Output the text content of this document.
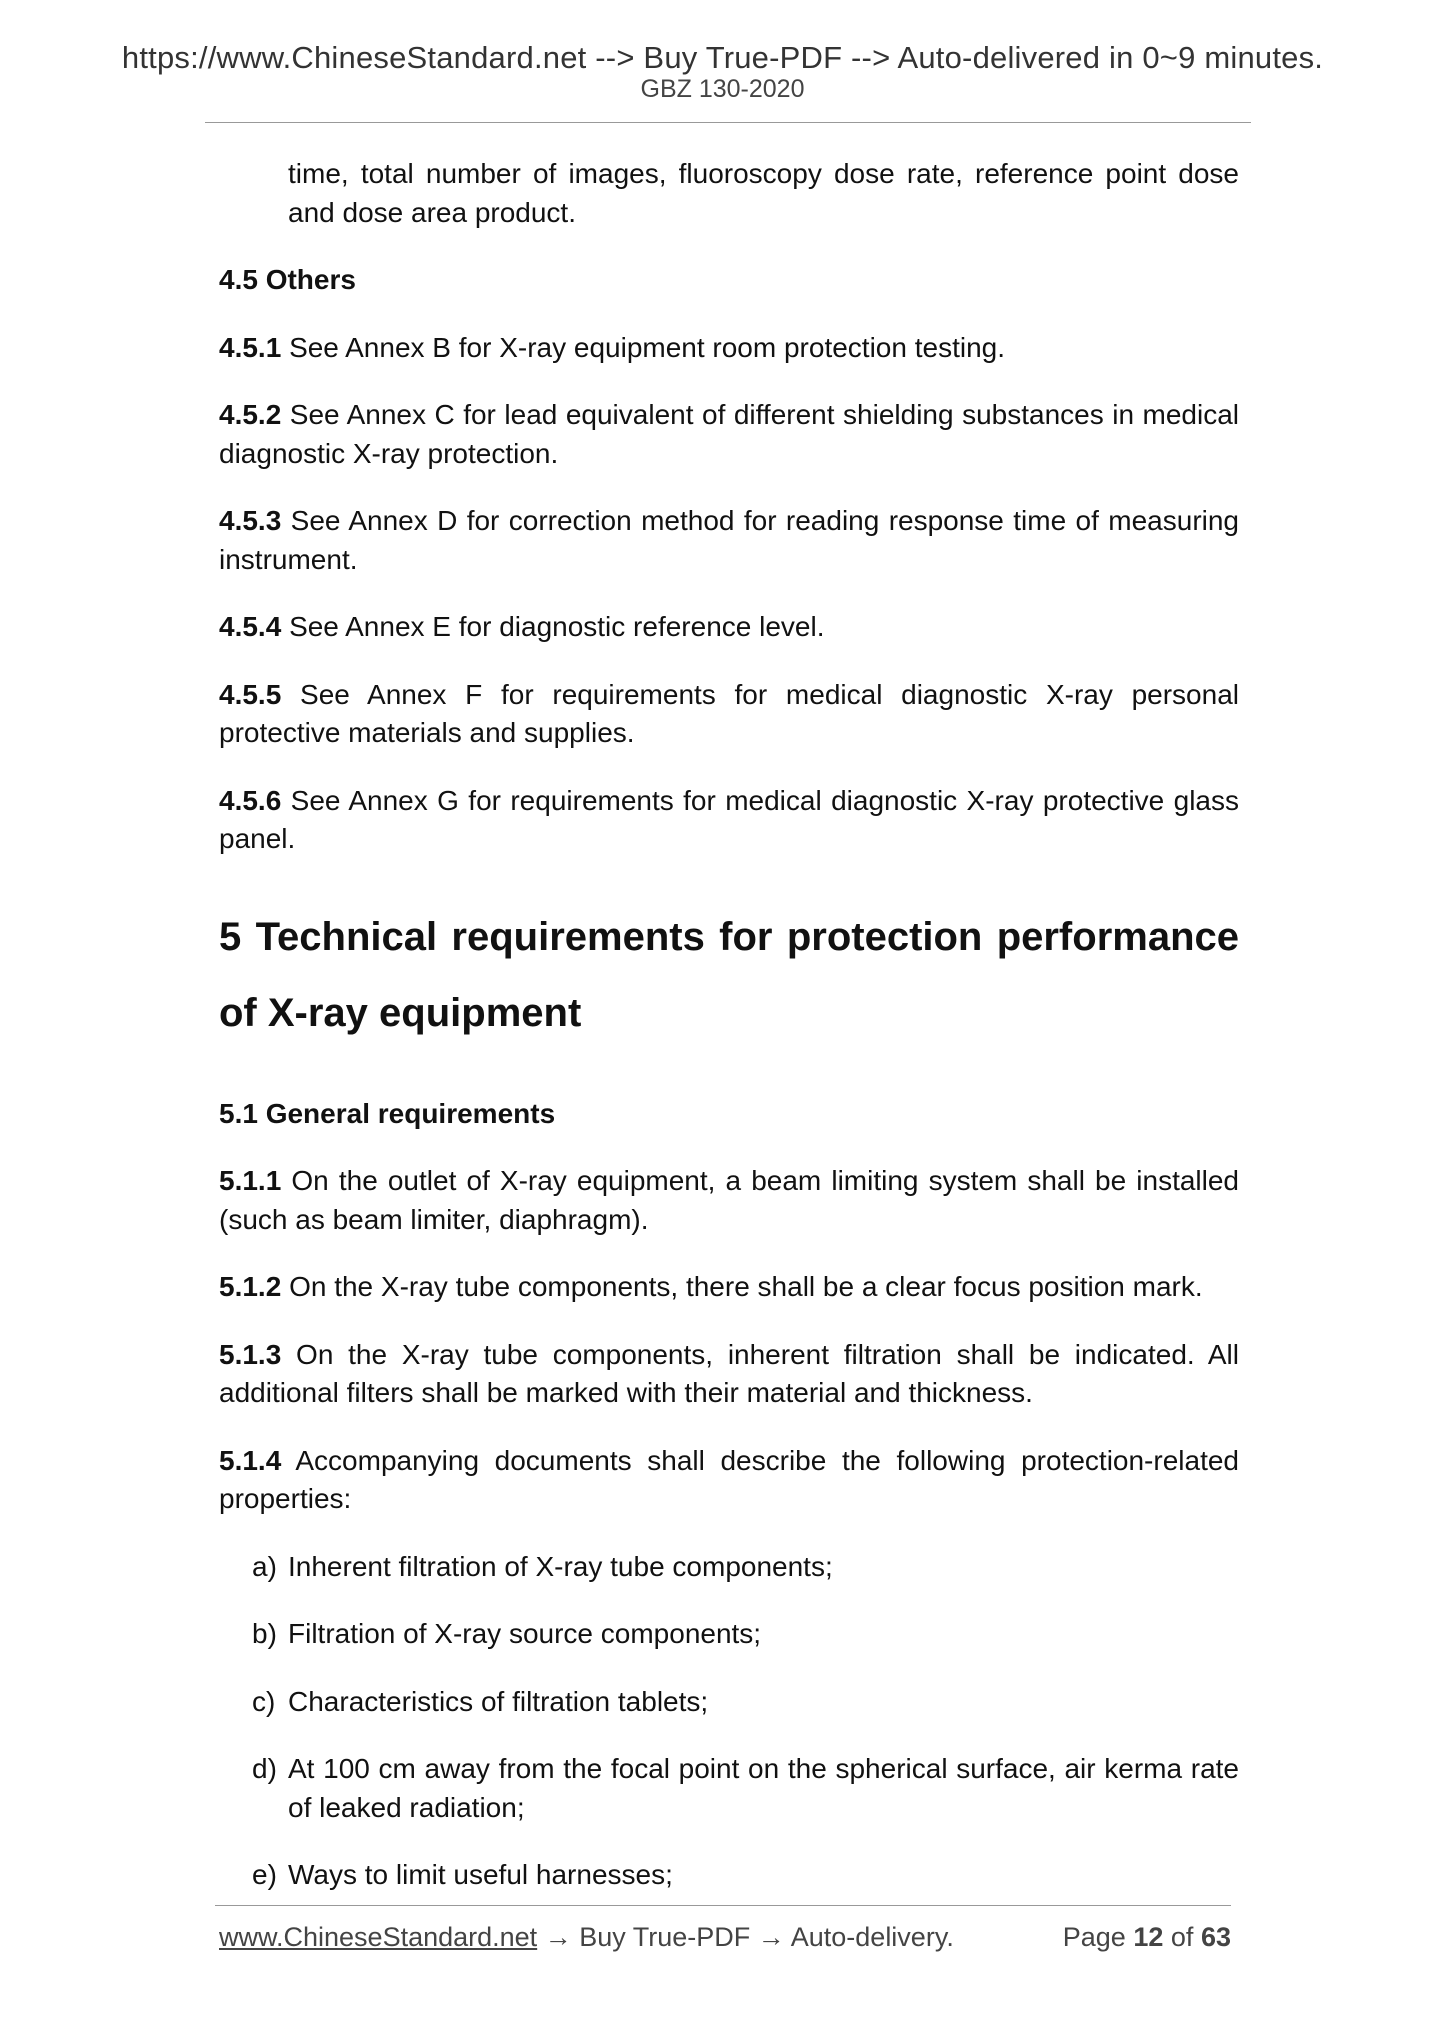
https://www.ChineseStandard.net --> Buy True-PDF --> Auto-delivered in 0~9 minutes.
GBZ 130-2020

time, total number of images, fluoroscopy dose rate, reference point dose and dose area product.

4.5 Others

4.5.1 See Annex B for X-ray equipment room protection testing.

4.5.2 See Annex C for lead equivalent of different shielding substances in medical diagnostic X-ray protection.

4.5.3 See Annex D for correction method for reading response time of measuring instrument.

4.5.4 See Annex E for diagnostic reference level.

4.5.5 See Annex F for requirements for medical diagnostic X-ray personal protective materials and supplies.

4.5.6 See Annex G for requirements for medical diagnostic X-ray protective glass panel.

5 Technical requirements for protection performance of X-ray equipment

5.1 General requirements

5.1.1 On the outlet of X-ray equipment, a beam limiting system shall be installed (such as beam limiter, diaphragm).

5.1.2 On the X-ray tube components, there shall be a clear focus position mark.

5.1.3 On the X-ray tube components, inherent filtration shall be indicated. All additional filters shall be marked with their material and thickness.

5.1.4 Accompanying documents shall describe the following protection-related properties:

a) Inherent filtration of X-ray tube components;
b) Filtration of X-ray source components;
c) Characteristics of filtration tablets;
d) At 100 cm away from the focal point on the spherical surface, air kerma rate of leaked radiation;
e) Ways to limit useful harnesses;
www.ChineseStandard.net → Buy True-PDF → Auto-delivery.	Page 12 of 63
